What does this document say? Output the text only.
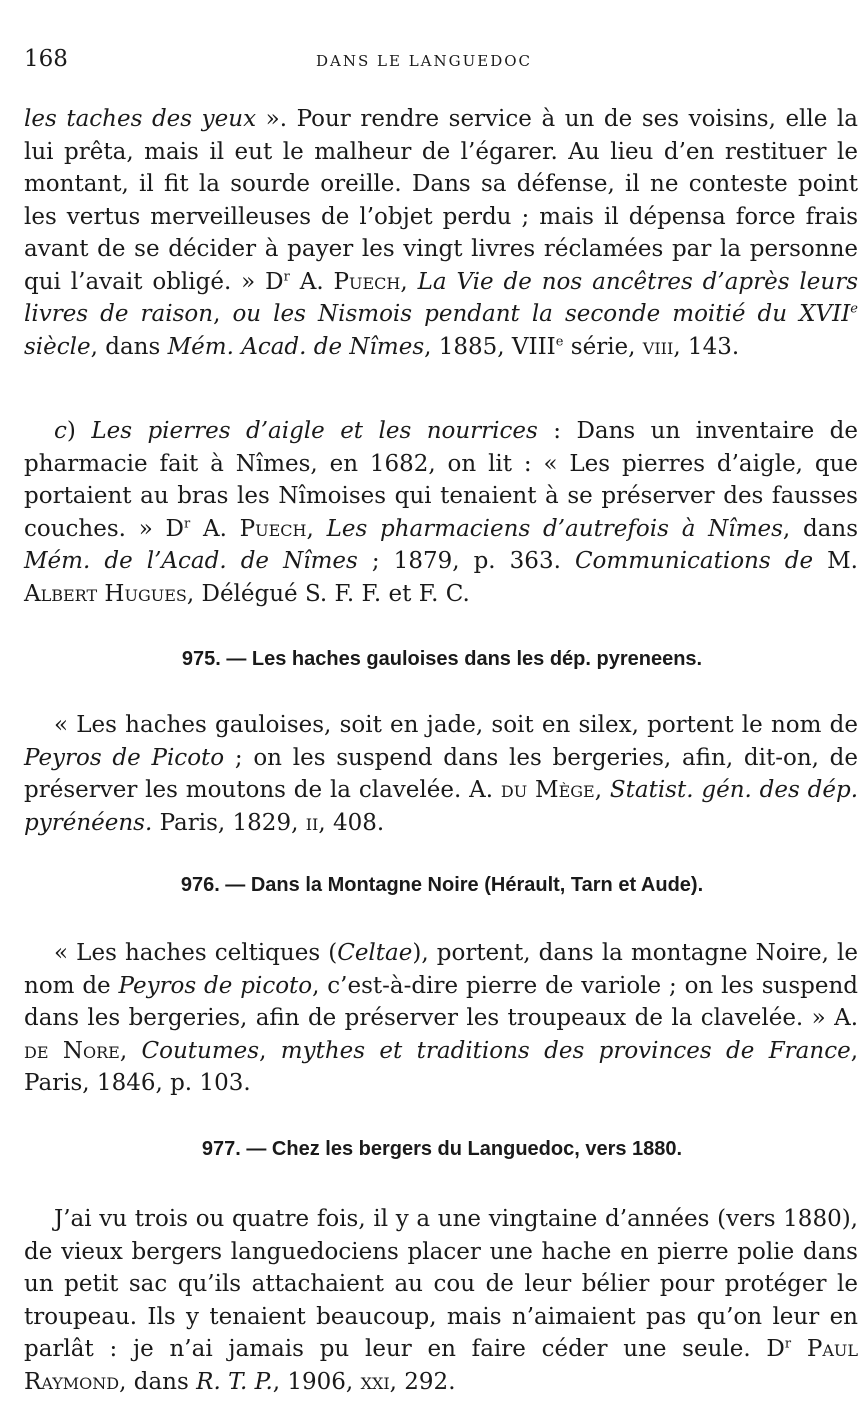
168	DANS LE LANGUEDOC

les taches des yeux ». Pour rendre service à un de ses voisins, elle la lui prêta, mais il eut le malheur de l’égarer. Au lieu d’en restituer le montant, il fit la sourde oreille. Dans sa défense, il ne conteste point les vertus merveilleuses de l’objet perdu ; mais il dépensa force frais avant de se décider à payer les vingt livres réclamées par la personne qui l’avait obligé. » $D^r$ A. Puech, La Vie de nos ancêtres d’après leurs livres de raison, ou les Nismois pendant la seconde moitié du XVIIe siècle, dans Mém. Acad. de Nîmes, 1885, VIIIe série, viii, 143.

c) Les pierres d’aigle et les nourrices : Dans un inventaire de pharmacie fait à Nîmes, en 1682, on lit : « Les pierres d’aigle, que portaient au bras les Nîmoises qui tenaient à se préserver des fausses couches. » $D^r$ A. Puech, Les pharmaciens d’autrefois à Nîmes, dans Mém. de l’Acad. de Nîmes ; 1879, p. 363. Communications de M. Albert Hugues, Délégué S. F. F. et F. C.

975. — Les haches gauloises dans les dép. pyreneens.

« Les haches gauloises, soit en jade, soit en silex, portent le nom de Peyros de Picoto ; on les suspend dans les bergeries, afin, dit-on, de préserver les moutons de la clavelée. A. du Mège, Statist. gén. des dép. pyrénéens. Paris, 1829, ii, 408.

976. — Dans la Montagne Noire (Hérault, Tarn et Aude).

« Les haches celtiques (Celtae), portent, dans la montagne Noire, le nom de Peyros de picoto, c’est-à-dire pierre de variole ; on les suspend dans les bergeries, afin de préserver les troupeaux de la clavelée. » A. de Nore, Coutumes, mythes et traditions des provinces de France, Paris, 1846, p. 103.

977. — Chez les bergers du Languedoc, vers 1880.

J’ai vu trois ou quatre fois, il y a une vingtaine d’années (vers 1880), de vieux bergers languedociens placer une hache en pierre polie dans un petit sac qu’ils attachaient au cou de leur bélier pour protéger le troupeau. Ils y tenaient beaucoup, mais n’aimaient pas qu’on leur en parlât : je n’ai jamais pu leur en faire céder une seule. $D^r$ Paul Raymond, dans R. T. P., 1906, xxi, 292.
